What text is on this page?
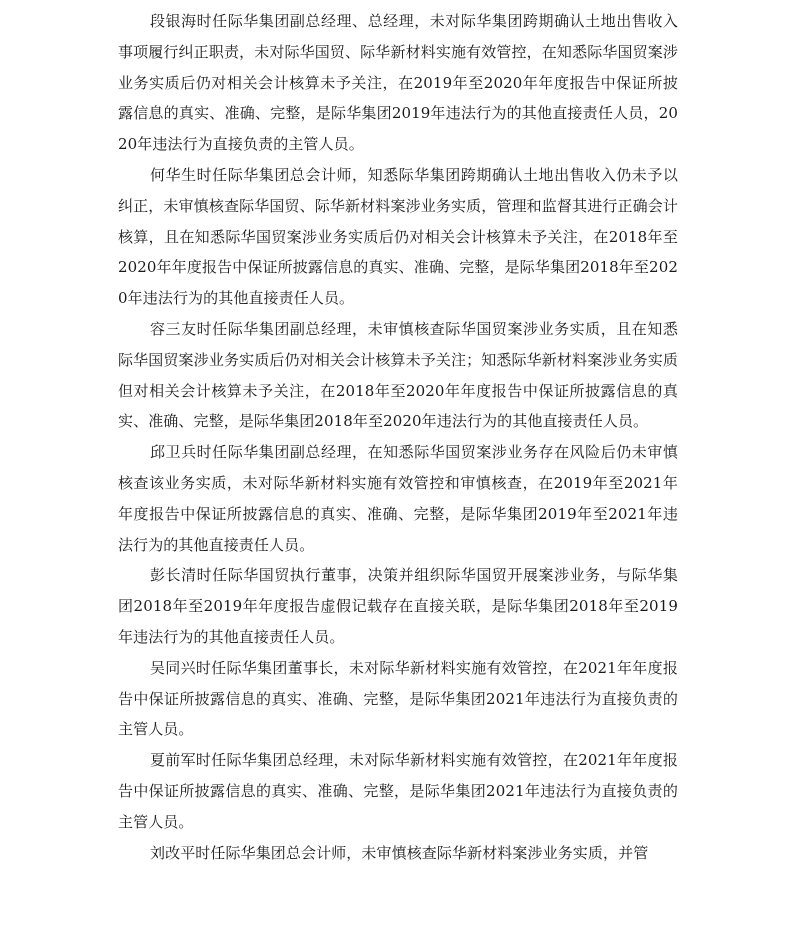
段银海时任际华集团副总经理、总经理，未对际华集团跨期确认土地出售收入事项履行纠正职责，未对际华国贸、际华新材料实施有效管控，在知悉际华国贸案涉业务实质后仍对相关会计核算未予关注，在2019年至2020年年度报告中保证所披露信息的真实、准确、完整，是际华集团2019年违法行为的其他直接责任人员，2020年违法行为直接负责的主管人员。

何华生时任际华集团总会计师，知悉际华集团跨期确认土地出售收入仍未予以纠正，未审慎核查际华国贸、际华新材料案涉业务实质，管理和监督其进行正确会计核算，且在知悉际华国贸案涉业务实质后仍对相关会计核算未予关注，在2018年至2020年年度报告中保证所披露信息的真实、准确、完整，是际华集团2018年至2020年违法行为的其他直接责任人员。

容三友时任际华集团副总经理，未审慎核查际华国贸案涉业务实质，且在知悉际华国贸案涉业务实质后仍对相关会计核算未予关注；知悉际华新材料案涉业务实质但对相关会计核算未予关注，在2018年至2020年年度报告中保证所披露信息的真实、准确、完整，是际华集团2018年至2020年违法行为的其他直接责任人员。

邱卫兵时任际华集团副总经理，在知悉际华国贸案涉业务存在风险后仍未审慎核查该业务实质，未对际华新材料实施有效管控和审慎核查，在2019年至2021年年度报告中保证所披露信息的真实、准确、完整，是际华集团2019年至2021年违法行为的其他直接责任人员。

彭长清时任际华国贸执行董事，决策并组织际华国贸开展案涉业务，与际华集团2018年至2019年年度报告虚假记载存在直接关联，是际华集团2018年至2019年违法行为的其他直接责任人员。

吴同兴时任际华集团董事长，未对际华新材料实施有效管控，在2021年年度报告中保证所披露信息的真实、准确、完整，是际华集团2021年违法行为直接负责的主管人员。

夏前军时任际华集团总经理，未对际华新材料实施有效管控，在2021年年度报告中保证所披露信息的真实、准确、完整，是际华集团2021年违法行为直接负责的主管人员。

刘改平时任际华集团总会计师，未审慎核查际华新材料案涉业务实质，并管
